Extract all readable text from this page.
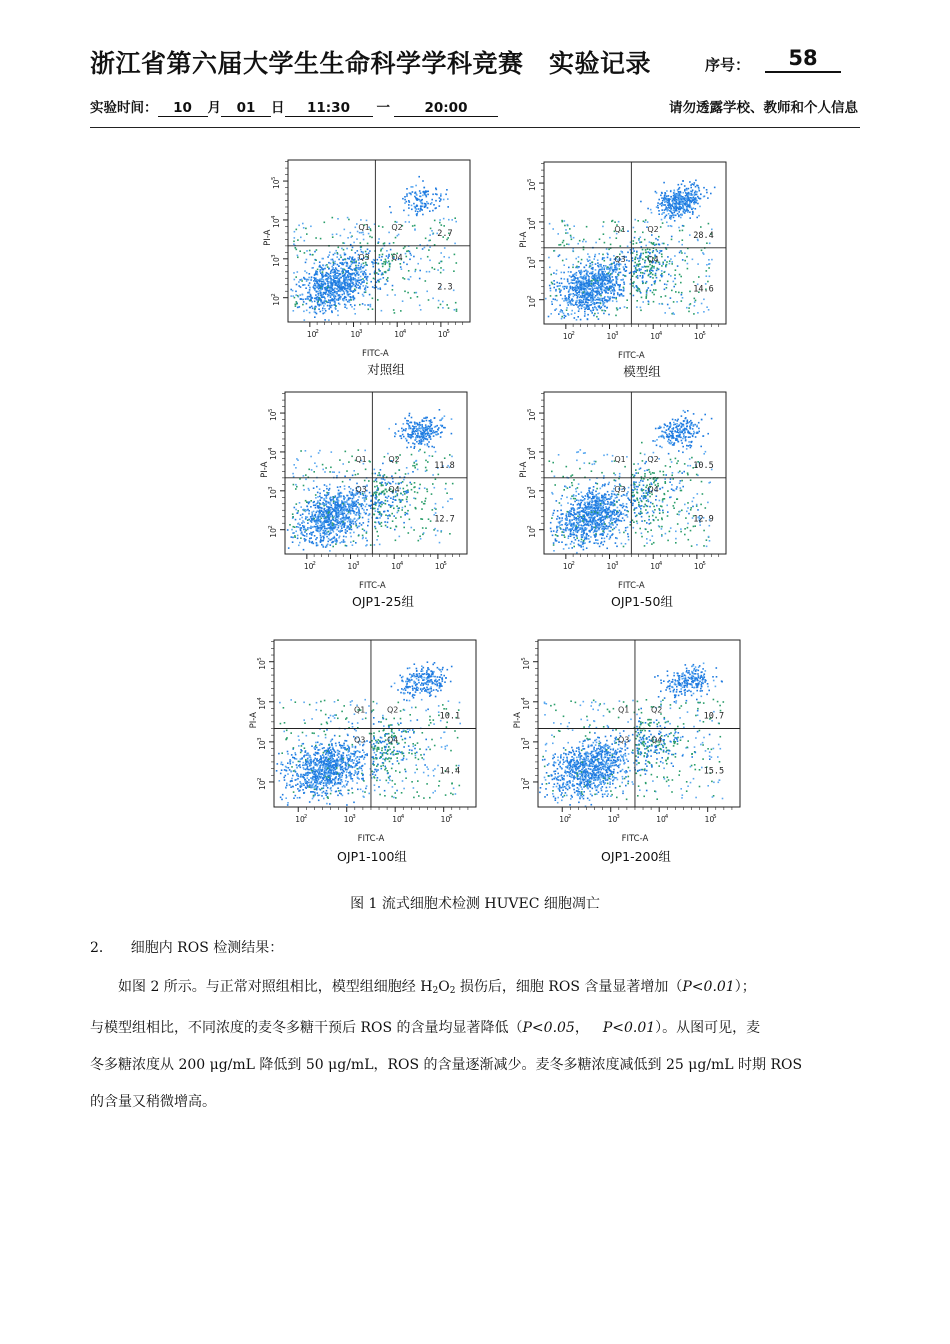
浙江省第六届大学生生命科学学科竞赛　实验记录	序号：	58
实验时间： 10 月 01 日 11:30 一	20:00	请勿透露学校、教师和个人信息
10
2
10
2
10
3
10
3
10
4
10
4
10
5
10
5
FITC-A
PI-A
Q1	Q2
Q3	Q4
2.7
2.3
对照组
10
2
10
2
10
3
10
3
10
4
10
4
10
5
10
5
FITC-A
PI-A
Q1	Q2
Q3	Q4
28.4
14.6
模型组
10
2
10
2
10
3
10
3
10
4
10
4
10
5
10
5
FITC-A
PI-A
Q1	Q2
Q3	Q4
11.8
12.7
OJP1-25组
10
2
10
2
10
3
10
3
10
4
10
4
10
5
10
5
FITC-A
PI-A
Q1	Q2
Q3	Q4
10.5
12.9
OJP1-50组
10
2
10
2
10
3
10
3
10
4
10
4
10
5
10
5
FITC-A
PI-A
Q1	Q2
Q3	Q4
10.1
14.4
OJP1-100组
10
2
10
2
10
3
10
3
10
4
10
4
10
5
10
5
FITC-A
PI-A
Q1	Q2
Q3	Q4
10.7
15.5
OJP1-200组
图 1 流式细胞术检测 HUVEC 细胞凋亡
2． 细胞内 ROS 检测结果：
如图 2 所示。与正常对照组相比，模型组细胞经 $H_2O_2$ 损伤后，细胞 ROS 含量显著增加（P<0.01）；
与模型组相比，不同浓度的麦冬多糖干预后 ROS 的含量均显著降低（P<0.05， P<0.01）。从图可见，麦
冬多糖浓度从 200 μg/mL 降低到 50 μg/mL，ROS 的含量逐渐减少。麦冬多糖浓度减低到 25 μg/mL 时期 ROS
的含量又稍微增高。
